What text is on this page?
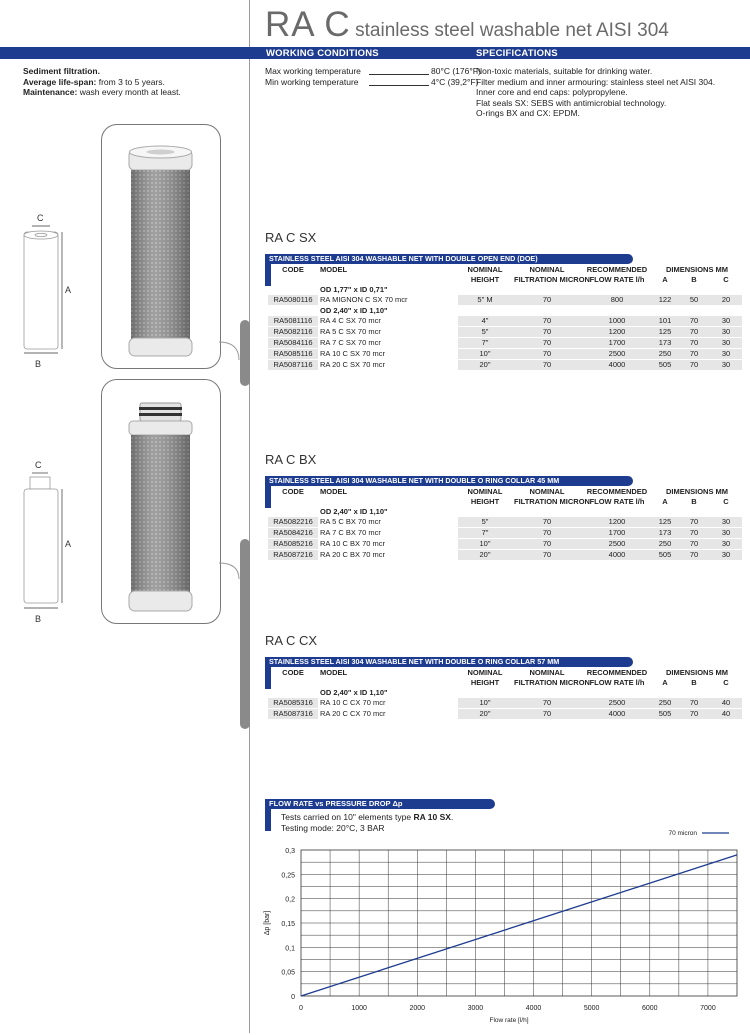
RA C stainless steel washable net AISI 304
WORKING CONDITIONS	SPECIFICATIONS
Sediment filtration.
Average life-span: from 3 to 5 years.
Maintenance: wash every month at least.
Max working temperature	80°C (176°F)
Min working temperature	4°C (39,2°F)
Non-toxic materials, suitable for drinking water.
Filter medium and inner armouring: stainless steel net AISI 304.
Inner core and end caps: polypropylene.
Flat seals SX: SEBS with antimicrobial technology.
O-rings BX and CX: EPDM.
C
A
B
C
A
B
RA C SX
STAINLESS STEEL AISI 304 WASHABLE NET WITH DOUBLE OPEN END (DOE)
CODE	MODEL	NOMINAL	NOMINAL	RECOMMENDED	DIMENSIONS MM		
		HEIGHT	FILTRATION MICRON	FLOW RATE l/h	A	B	C
	OD 1,77" x ID 0,71"						
RA5080116	RA MIGNON C SX 70 mcr	5" M	70	800	122	50	20
	OD 2,40" x ID 1,10"						
RA5081116	RA 4 C SX 70 mcr	4"	70	1000	101	70	30
RA5082116	RA 5 C SX 70 mcr	5"	70	1200	125	70	30
RA5084116	RA 7 C SX 70 mcr	7"	70	1700	173	70	30
RA5085116	RA 10 C SX 70 mcr	10"	70	2500	250	70	30
RA5087116	RA 20 C SX 70 mcr	20"	70	4000	505	70	30
RA C BX
STAINLESS STEEL AISI 304 WASHABLE NET WITH DOUBLE O RING COLLAR 45 MM
CODE	MODEL	NOMINAL	NOMINAL	RECOMMENDED	DIMENSIONS MM		
		HEIGHT	FILTRATION MICRON	FLOW RATE l/h	A	B	C
	OD 2,40" x ID 1,10"						
RA5082216	RA 5 C BX 70 mcr	5"	70	1200	125	70	30
RA5084216	RA 7 C BX 70 mcr	7"	70	1700	173	70	30
RA5085216	RA 10 C BX 70 mcr	10"	70	2500	250	70	30
RA5087216	RA 20 C BX 70 mcr	20"	70	4000	505	70	30
RA C CX
STAINLESS STEEL AISI 304 WASHABLE NET WITH DOUBLE O RING COLLAR 57 MM
CODE	MODEL	NOMINAL	NOMINAL	RECOMMENDED	DIMENSIONS MM		
		HEIGHT	FILTRATION MICRON	FLOW RATE l/h	A	B	C
	OD 2,40" x ID 1,10"						
RA5085316	RA 10 C CX 70 mcr	10"	70	2500	250	70	40
RA5087316	RA 20 C CX 70 mcr	20"	70	4000	505	70	40
FLOW RATE vs PRESSURE DROP Δp
Tests carried on 10" elements type RA 10 SX.
Testing mode: 20°C, 3 BAR
0	1000	2000	3000	4000	5000	6000	7000
0
0,05
0,1
0,15
0,2
0,25
0,3
Flow rate [l/h]
Δp [bar]
70 micron
